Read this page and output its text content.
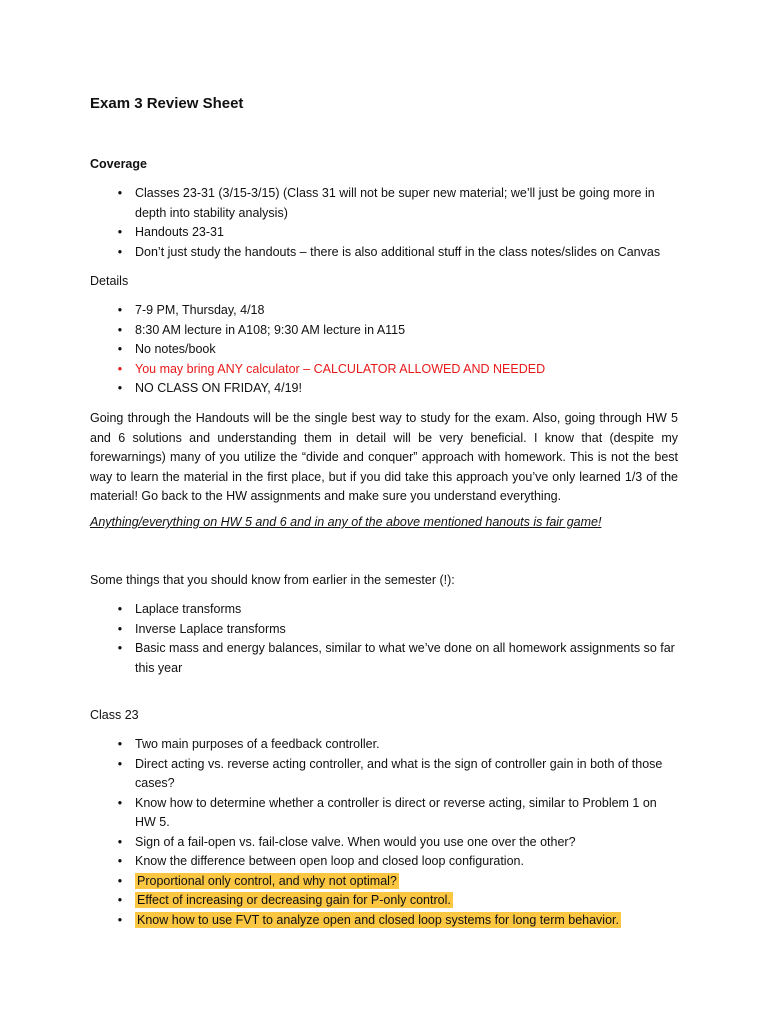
Exam 3 Review Sheet
Coverage
• Classes 23-31 (3/15-3/15) (Class 31 will not be super new material; we’ll just be going more in depth into stability analysis)
• Handouts 23-31
• Don’t just study the handouts – there is also additional stuff in the class notes/slides on Canvas
Details
• 7-9 PM, Thursday, 4/18
• 8:30 AM lecture in A108; 9:30 AM lecture in A115
• No notes/book
• You may bring ANY calculator – CALCULATOR ALLOWED AND NEEDED
• NO CLASS ON FRIDAY, 4/19!

Going through the Handouts will be the single best way to study for the exam. Also, going through HW 5 and 6 solutions and understanding them in detail will be very beneficial. I know that (despite my forewarnings) many of you utilize the “divide and conquer” approach with homework. This is not the best way to learn the material in the first place, but if you did take this approach you’ve only learned 1/3 of the material! Go back to the HW assignments and make sure you understand everything.

Anything/everything on HW 5 and 6 and in any of the above mentioned hanouts is fair game!

Some things that you should know from earlier in the semester (!):

• Laplace transforms
• Inverse Laplace transforms
• Basic mass and energy balances, similar to what we’ve done on all homework assignments so far this year
Class 23
• Two main purposes of a feedback controller.
• Direct acting vs. reverse acting controller, and what is the sign of controller gain in both of those cases?
• Know how to determine whether a controller is direct or reverse acting, similar to Problem 1 on HW 5.
• Sign of a fail-open vs. fail-close valve. When would you use one over the other?
• Know the difference between open loop and closed loop configuration.
• Proportional only control, and why not optimal?
• Effect of increasing or decreasing gain for P-only control.
• Know how to use FVT to analyze open and closed loop systems for long term behavior.
